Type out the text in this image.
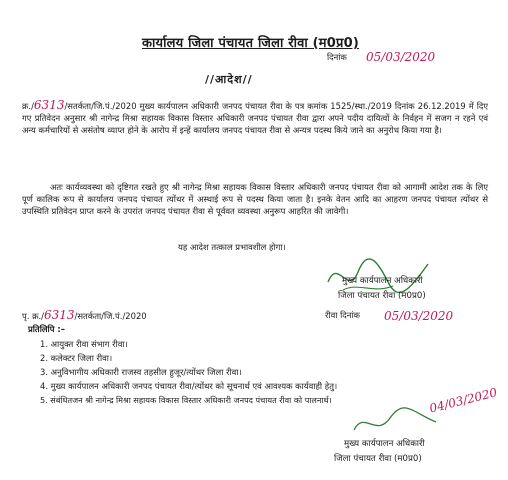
कार्यालय जिला पंचायत जिला रीवा (म0प्र0)
दिनांक 05/03/2020
//आदेश//
क्र./6313/सतर्कता/जि.पं./2020 मुख्य कार्यपालन अधिकारी जनपद पंचायत रीवा के पत्र कमांक 1525/स्था./2019 दिनांक 26.12.2019 में दिए गए प्रतिवेदन अनुसार श्री नागेन्द्र मिश्रा सहायक विकास विस्तार अधिकारी जनपद पंचायत रीवा द्वारा अपने पदीय दायित्वों के निर्वहन में सजग न रहने एवं अन्य कर्मचारियों से असंतोष व्याप्त होने के आरोप में इन्हें कार्यालय जनपद पंचायत रीवा से अन्यत्र पदस्थ किये जाने का अनुरोध किया गया है।
अतः कार्यव्यवस्था को दृष्टिगत रखते हुए श्री नागेन्द्र मिश्रा सहायक विकास विस्तार अधिकारी जनपद पंचायत रीवा को आगामी आदेश तक के लिए पूर्ण कालिक रूप से कार्यालय जनपद पंचायत त्योंथर में अस्थाई रूप से पदस्थ किया जाता है। इनके वेतन आदि का आहरण जनपद पंचायत त्योंथर से उपस्थिति प्रतिवेदन प्राप्त करने के उपरांत जनपद पंचायत रीवा से पूर्ववत व्यवस्था अनुरूप आहरित की जावेगी।
यह आदेश तत्काल प्रभावशील होगा।
मुख्य कार्यपालन अधिकारी
जिला पंचायत रीवा (म0प्र0)
पृ. क्र./6313/सतर्कता/जि.पं./2020	रीवा दिनांक 05/03/2020
प्रतिलिपि :–
1. आयुक्त रीवा संभाग रीवा।
2. कलेक्टर जिला रीवा।
3. अनुविभागीय अधिकारी राजस्व तहसील हुजूर/त्योंथर जिला रीवा।
4. मुख्य कार्यपालन अधिकारी जनपद पंचायत रीवा/त्योंथर को सूचनार्थ एवं आवश्यक कार्यवाही हेतु।
5. संबंधितजन श्री नागेन्द्र मिश्रा सहायक विकास विस्तार अधिकारी जनपद पंचायत रीवा को पालनार्थ।	04/03/2020
मुख्य कार्यपालन अधिकारी
जिला पंचायत रीवा (म0प्र0)
